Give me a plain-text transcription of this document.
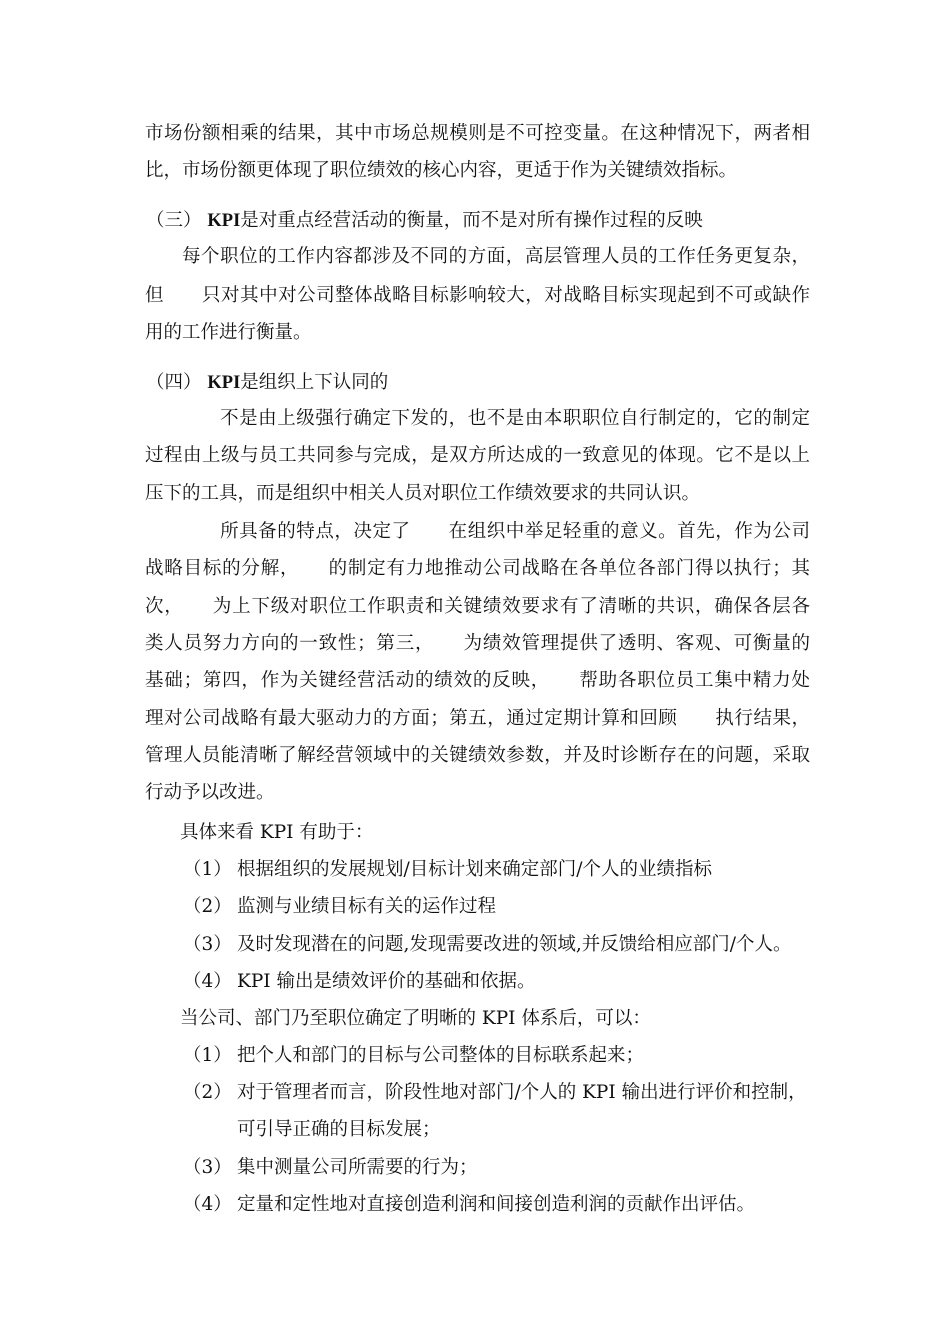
市场份额相乘的结果，其中市场总规模则是不可控变量。在这种情况下，两者相
比，市场份额更体现了职位绩效的核心内容，更适于作为关键绩效指标。
（三） KPI是对重点经营活动的衡量，而不是对所有操作过程的反映
每个职位的工作内容都涉及不同的方面，高层管理人员的工作任务更复杂，
但　　只对其中对公司整体战略目标影响较大，对战略目标实现起到不可或缺作
用的工作进行衡量。
（四） KPI是组织上下认同的
　　不是由上级强行确定下发的，也不是由本职职位自行制定的，它的制定
过程由上级与员工共同参与完成，是双方所达成的一致意见的体现。它不是以上
压下的工具，而是组织中相关人员对职位工作绩效要求的共同认识。
　　所具备的特点，决定了　　在组织中举足轻重的意义。首先，作为公司
战略目标的分解，　　的制定有力地推动公司战略在各单位各部门得以执行；其
次，　　为上下级对职位工作职责和关键绩效要求有了清晰的共识，确保各层各
类人员努力方向的一致性；第三，　　为绩效管理提供了透明、客观、可衡量的
基础；第四，作为关键经营活动的绩效的反映，　　帮助各职位员工集中精力处
理对公司战略有最大驱动力的方面；第五，通过定期计算和回顾　　执行结果，
管理人员能清晰了解经营领域中的关键绩效参数，并及时诊断存在的问题，采取
行动予以改进。
具体来看 KPI 有助于：
（1） 根据组织的发展规划/目标计划来确定部门/个人的业绩指标
（2） 监测与业绩目标有关的运作过程
（3） 及时发现潜在的问题,发现需要改进的领域,并反馈给相应部门/个人。
（4） KPI 输出是绩效评价的基础和依据。
当公司、部门乃至职位确定了明晰的 KPI 体系后，可以：
（1） 把个人和部门的目标与公司整体的目标联系起来；
（2） 对于管理者而言，阶段性地对部门/个人的 KPI 输出进行评价和控制，
可引导正确的目标发展；
（3） 集中测量公司所需要的行为；
（4） 定量和定性地对直接创造利润和间接创造利润的贡献作出评估。
